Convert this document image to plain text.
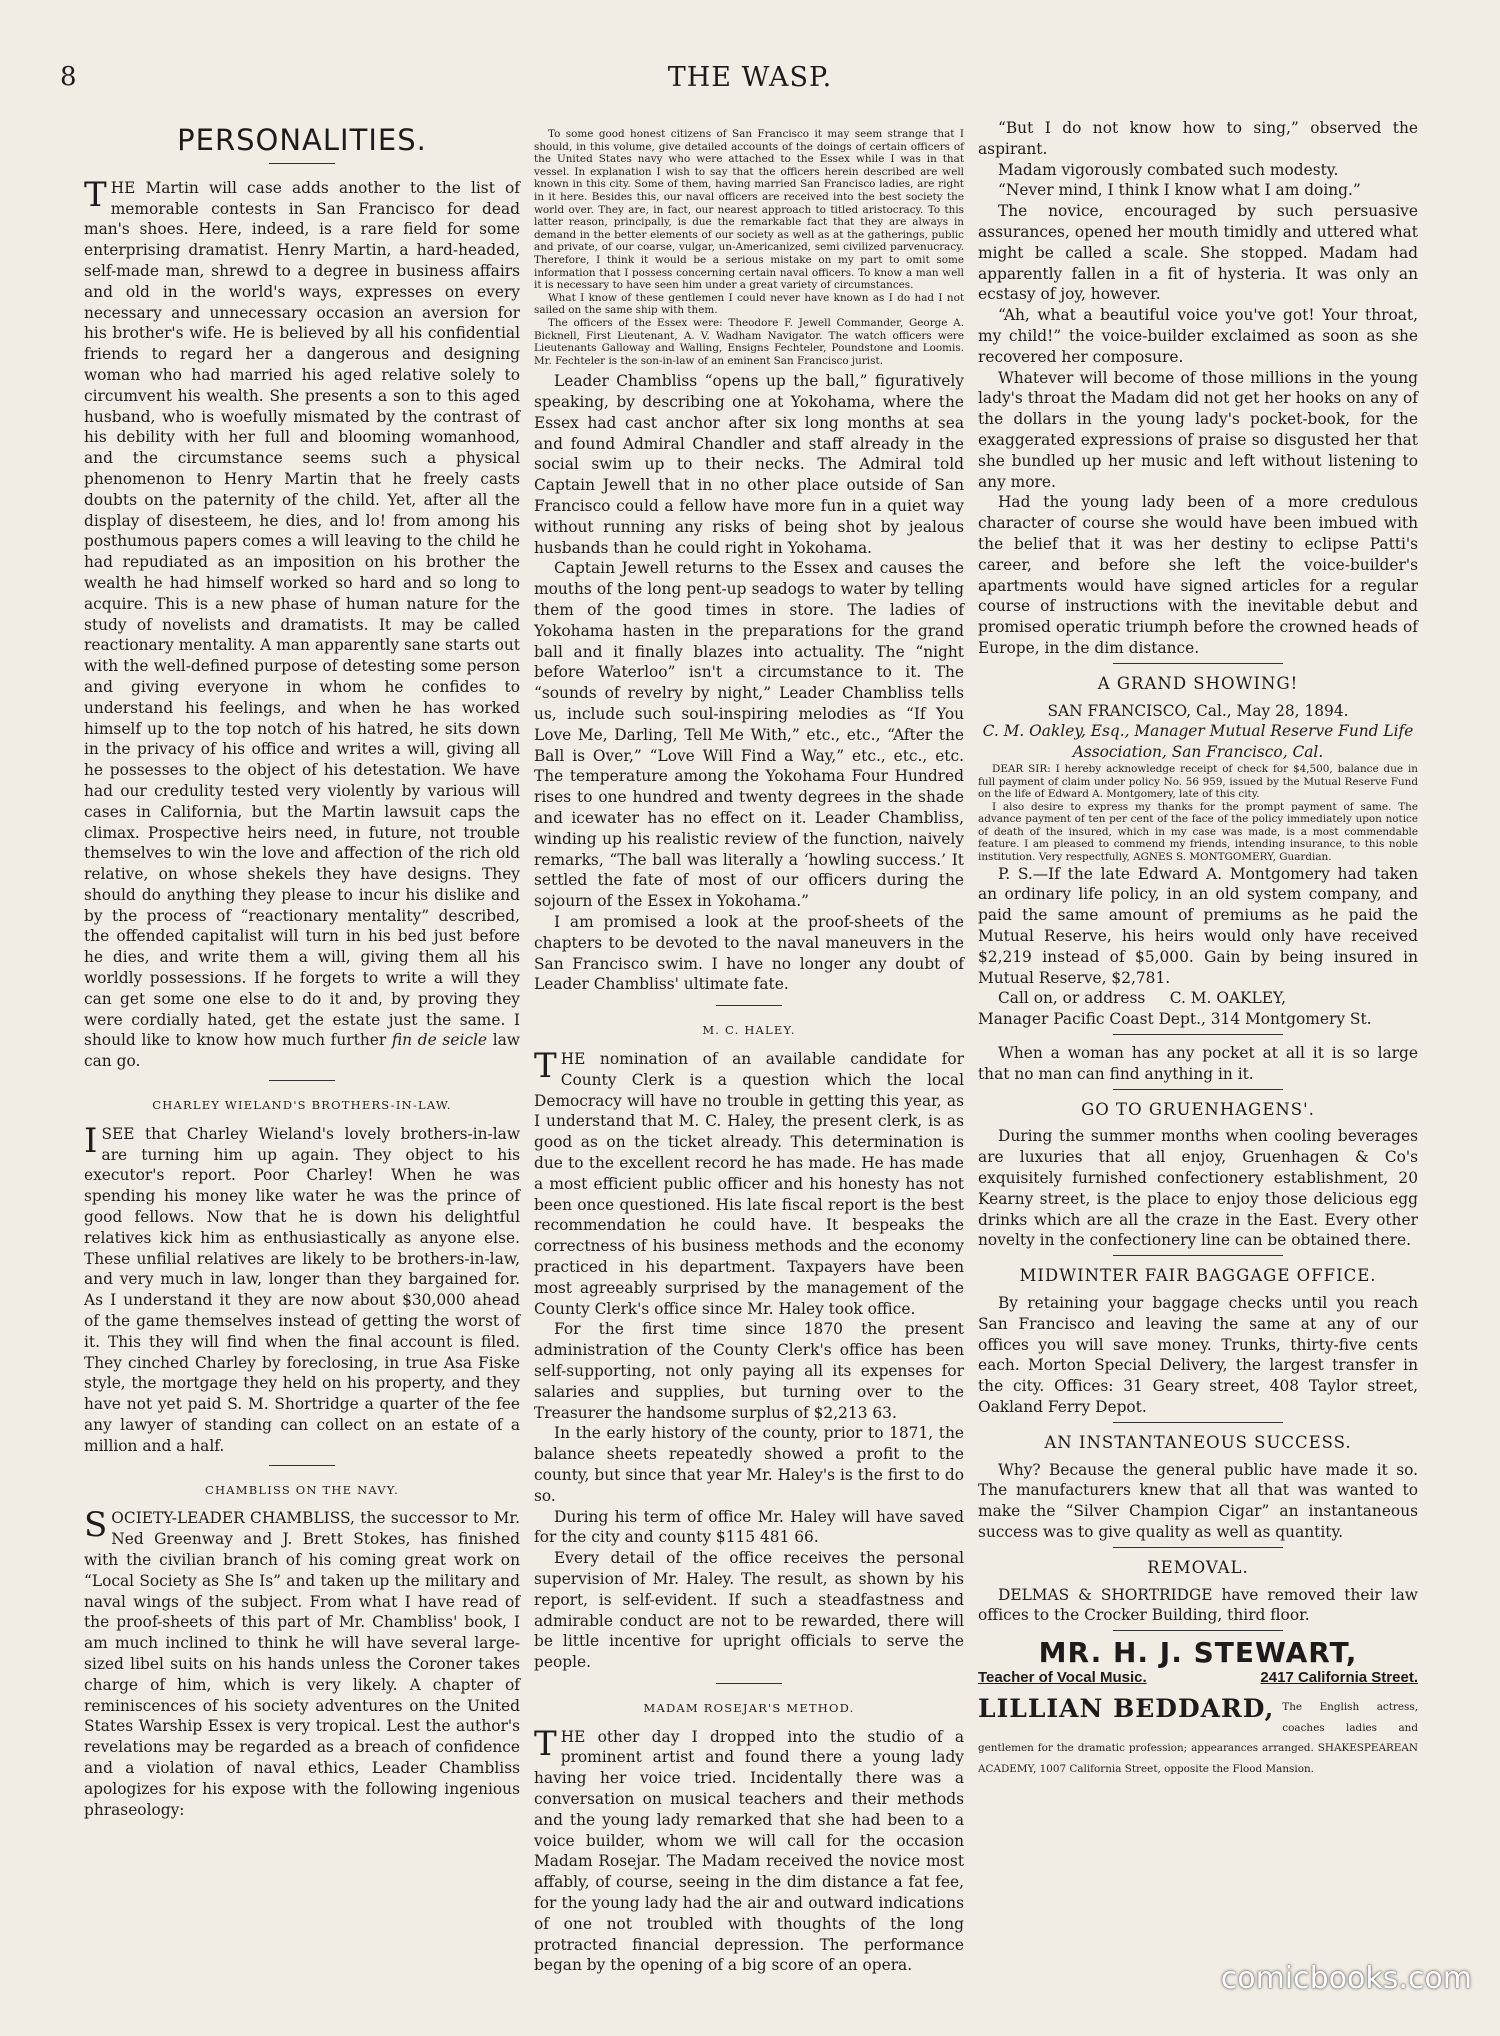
8	THE WASP.
PERSONALITIES.

THE Martin will case adds another to the list of memorable contests in San Francisco for dead man's shoes. Here, indeed, is a rare field for some enterprising dramatist. Henry Martin, a hard-headed, self-made man, shrewd to a degree in business affairs and old in the world's ways, expresses on every necessary and unnecessary occasion an aversion for his brother's wife. He is believed by all his confidential friends to regard her a dangerous and designing woman who had married his aged relative solely to circumvent his wealth. She presents a son to this aged husband, who is woefully mismated by the contrast of his debility with her full and blooming womanhood, and the circumstance seems such a physical phenomenon to Henry Martin that he freely casts doubts on the paternity of the child. Yet, after all the display of disesteem, he dies, and lo! from among his posthumous papers comes a will leaving to the child he had repudiated as an imposition on his brother the wealth he had himself worked so hard and so long to acquire. This is a new phase of human nature for the study of novelists and dramatists. It may be called reactionary mentality. A man apparently sane starts out with the well-defined purpose of detesting some person and giving everyone in whom he confides to understand his feelings, and when he has worked himself up to the top notch of his hatred, he sits down in the privacy of his office and writes a will, giving all he possesses to the object of his detestation. We have had our credulity tested very violently by various will cases in California, but the Martin lawsuit caps the climax. Prospective heirs need, in future, not trouble themselves to win the love and affection of the rich old relative, on whose shekels they have designs. They should do anything they please to incur his dislike and by the process of “reactionary mentality” described, the offended capitalist will turn in his bed just before he dies, and write them a will, giving them all his worldly possessions. If he forgets to write a will they can get some one else to do it and, by proving they were cordially hated, get the estate just the same. I should like to know how much further fin de seicle law can go.

CHARLEY WIELAND'S BROTHERS-IN-LAW.

I SEE that Charley Wieland's lovely brothers-in-law are turning him up again. They object to his executor's report. Poor Charley! When he was spending his money like water he was the prince of good fellows. Now that he is down his delightful relatives kick him as enthusiastically as anyone else. These unfilial relatives are likely to be brothers-in-law, and very much in law, longer than they bargained for. As I understand it they are now about $30,000 ahead of the game themselves instead of getting the worst of it. This they will find when the final account is filed. They cinched Charley by foreclosing, in true Asa Fiske style, the mortgage they held on his property, and they have not yet paid S. M. Shortridge a quarter of the fee any lawyer of standing can collect on an estate of a million and a half.

CHAMBLISS ON THE NAVY.

SOCIETY-LEADER CHAMBLISS, the successor to Mr. Ned Greenway and J. Brett Stokes, has finished with the civilian branch of his coming great work on “Local Society as She Is” and taken up the military and naval wings of the subject. From what I have read of the proof-sheets of this part of Mr. Chambliss' book, I am much inclined to think he will have several large-sized libel suits on his hands unless the Coroner takes charge of him, which is very likely. A chapter of reminiscences of his society adventures on the United States Warship Essex is very tropical. Lest the author's revelations may be regarded as a breach of confidence and a violation of naval ethics, Leader Chambliss apologizes for his expose with the following ingenious phraseology:

To some good honest citizens of San Francisco it may seem strange that I should, in this volume, give detailed accounts of the doings of certain officers of the United States navy who were attached to the Essex while I was in that vessel. In explanation I wish to say that the officers herein described are well known in this city. Some of them, having married San Francisco ladies, are right in it here. Besides this, our naval officers are received into the best society the world over. They are, in fact, our nearest approach to titled aristocracy. To this latter reason, principally, is due the remarkable fact that they are always in demand in the better elements of our society as well as at the gatherings, public and private, of our coarse, vulgar, un-Americanized, semi civilized parvenucracy. Therefore, I think it would be a serious mistake on my part to omit some information that I possess concerning certain naval officers. To know a man well it is necessary to have seen him under a great variety of circumstances.

What I know of these gentlemen I could never have known as I do had I not sailed on the same ship with them.

The officers of the Essex were: Theodore F. Jewell Commander, George A. Bicknell, First Lieutenant, A. V. Wadham Navigator. The watch officers were Lieutenants Galloway and Walling, Ensigns Fechteler, Poundstone and Loomis. Mr. Fechteler is the son-in-law of an eminent San Francisco jurist.

Leader Chambliss “opens up the ball,” figuratively speaking, by describing one at Yokohama, where the Essex had cast anchor after six long months at sea and found Admiral Chandler and staff already in the social swim up to their necks. The Admiral told Captain Jewell that in no other place outside of San Francisco could a fellow have more fun in a quiet way without running any risks of being shot by jealous husbands than he could right in Yokohama.

Captain Jewell returns to the Essex and causes the mouths of the long pent-up seadogs to water by telling them of the good times in store. The ladies of Yokohama hasten in the preparations for the grand ball and it finally blazes into actuality. The “night before Waterloo” isn't a circumstance to it. The “sounds of revelry by night,” Leader Chambliss tells us, include such soul-inspiring melodies as “If You Love Me, Darling, Tell Me With,” etc., etc., “After the Ball is Over,” “Love Will Find a Way,” etc., etc., etc. The temperature among the Yokohama Four Hundred rises to one hundred and twenty degrees in the shade and icewater has no effect on it. Leader Chambliss, winding up his realistic review of the function, naively remarks, “The ball was literally a ‘howling success.’ It settled the fate of most of our officers during the sojourn of the Essex in Yokohama.”

I am promised a look at the proof-sheets of the chapters to be devoted to the naval maneuvers in the San Francisco swim. I have no longer any doubt of Leader Chambliss' ultimate fate.

M. C. HALEY.

THE nomination of an available candidate for County Clerk is a question which the local Democracy will have no trouble in getting this year, as I understand that M. C. Haley, the present clerk, is as good as on the ticket already. This determination is due to the excellent record he has made. He has made a most efficient public officer and his honesty has not been once questioned. His late fiscal report is the best recommendation he could have. It bespeaks the correctness of his business methods and the economy practiced in his department. Taxpayers have been most agreeably surprised by the management of the County Clerk's office since Mr. Haley took office.

For the first time since 1870 the present administration of the County Clerk's office has been self-supporting, not only paying all its expenses for salaries and supplies, but turning over to the Treasurer the handsome surplus of $2,213 63.

In the early history of the county, prior to 1871, the balance sheets repeatedly showed a profit to the county, but since that year Mr. Haley's is the first to do so.

During his term of office Mr. Haley will have saved for the city and county $115 481 66.

Every detail of the office receives the personal supervision of Mr. Haley. The result, as shown by his report, is self-evident. If such a steadfastness and admirable conduct are not to be rewarded, there will be little incentive for upright officials to serve the people.

MADAM ROSEJAR'S METHOD.

THE other day I dropped into the studio of a prominent artist and found there a young lady having her voice tried. Incidentally there was a conversation on musical teachers and their methods and the young lady remarked that she had been to a voice builder, whom we will call for the occasion Madam Rosejar. The Madam received the novice most affably, of course, seeing in the dim distance a fat fee, for the young lady had the air and outward indications of one not troubled with thoughts of the long protracted financial depression. The performance began by the opening of a big score of an opera.

“But I do not know how to sing,” observed the aspirant.

Madam vigorously combated such modesty.

“Never mind, I think I know what I am doing.”

The novice, encouraged by such persuasive assurances, opened her mouth timidly and uttered what might be called a scale. She stopped. Madam had apparently fallen in a fit of hysteria. It was only an ecstasy of joy, however.

“Ah, what a beautiful voice you've got! Your throat, my child!” the voice-builder exclaimed as soon as she recovered her composure.

Whatever will become of those millions in the young lady's throat the Madam did not get her hooks on any of the dollars in the young lady's pocket-book, for the exaggerated expressions of praise so disgusted her that she bundled up her music and left without listening to any more.

Had the young lady been of a more credulous character of course she would have been imbued with the belief that it was her destiny to eclipse Patti's career, and before she left the voice-builder's apartments would have signed articles for a regular course of instructions with the inevitable debut and promised operatic triumph before the crowned heads of Europe, in the dim distance.

A GRAND SHOWING!

SAN FRANCISCO, Cal., May 28, 1894.

C. M. Oakley, Esq., Manager Mutual Reserve Fund Life Association, San Francisco, Cal.

DEAR SIR: I hereby acknowledge receipt of check for $4,500, balance due in full payment of claim under policy No. 56 959, issued by the Mutual Reserve Fund on the life of Edward A. Montgomery, late of this city.

I also desire to express my thanks for the prompt payment of same. The advance payment of ten per cent of the face of the policy immediately upon notice of death of the insured, which in my case was made, is a most commendable feature. I am pleased to commend my friends, intending insurance, to this noble institution. Very respectfully, AGNES S. MONTGOMERY, Guardian.

P. S.—If the late Edward A. Montgomery had taken an ordinary life policy, in an old system company, and paid the same amount of premiums as he paid the Mutual Reserve, his heirs would only have received $2,219 instead of $5,000. Gain by being insured in Mutual Reserve, $2,781.

Call on, or address     C. M. OAKLEY,

Manager Pacific Coast Dept., 314 Montgomery St.

When a woman has any pocket at all it is so large that no man can find anything in it.

GO TO GRUENHAGENS'.

During the summer months when cooling beverages are luxuries that all enjoy, Gruenhagen & Co's exquisitely furnished confectionery establishment, 20 Kearny street, is the place to enjoy those delicious egg drinks which are all the craze in the East. Every other novelty in the confectionery line can be obtained there.

MIDWINTER FAIR BAGGAGE OFFICE.

By retaining your baggage checks until you reach San Francisco and leaving the same at any of our offices you will save money. Trunks, thirty-five cents each. Morton Special Delivery, the largest transfer in the city. Offices: 31 Geary street, 408 Taylor street, Oakland Ferry Depot.

AN INSTANTANEOUS SUCCESS.

Why? Because the general public have made it so. The manufacturers knew that all that was wanted to make the “Silver Champion Cigar” an instantaneous success was to give quality as well as quantity.

REMOVAL.

DELMAS & SHORTRIDGE have removed their law offices to the Crocker Building, third floor.

MR. H. J. STEWART,
Teacher of Vocal Music.	2417 California Street.
LILLIAN BEDDARD, The English actress, coaches ladies and gentlemen for the dramatic profession; appearances arranged. SHAKESPEAREAN ACADEMY, 1007 California Street, opposite the Flood Mansion.
comicbooks.com
